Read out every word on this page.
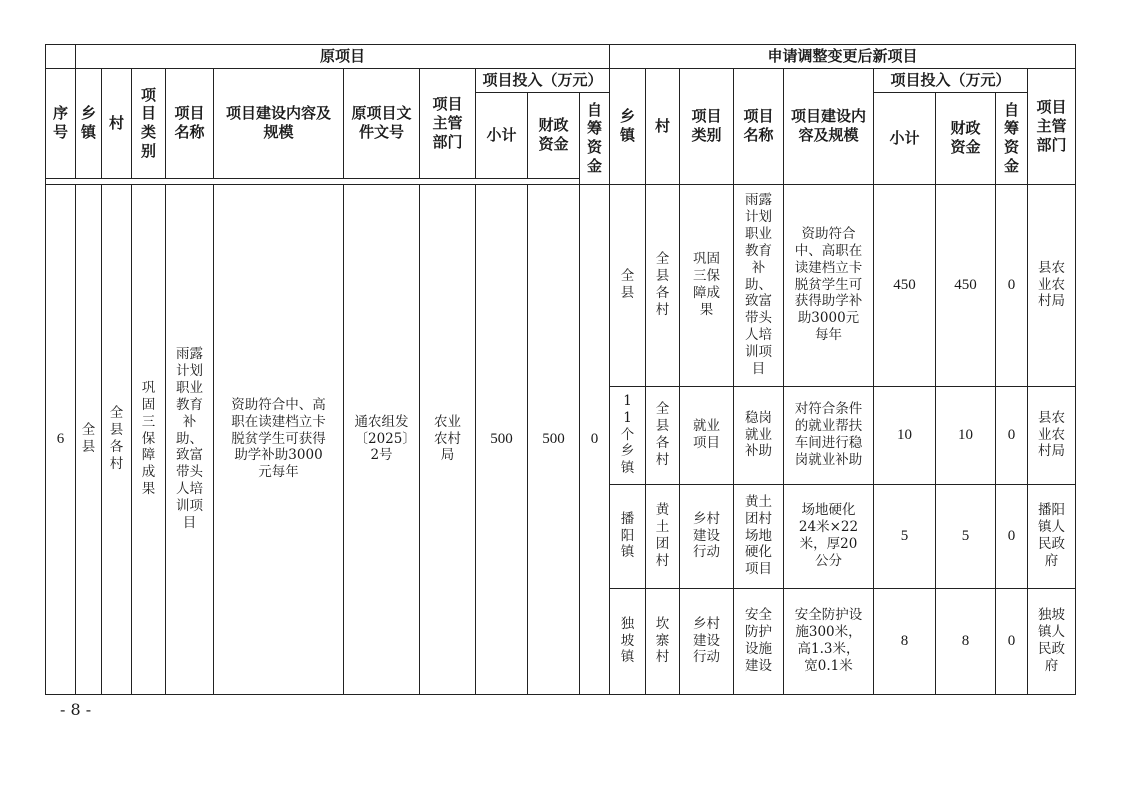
	原项目										申请调整变更后新项目								

序号	乡镇	村	项目类别	项目名称	项目建设内容及规模	原项目文件文号	项目主管部门	项目投入（万元）			乡镇	村	项目类别	项目名称	项目建设内容及规模	项目投入（万元）			项目主管部门

								小计	财政资金	自筹资金						小计	财政资金	自筹资金	

6	全县	全县各村	巩固三保障成果	雨露计划职业教育补助、致富带头人培训项目	资助符合中、高职在读建档立卡脱贫学生可获得助学补助3000元每年	通农组发〔2025〕2号	农业农村局	500	500	0	全县	全县各村	巩固三保障成果	雨露计划职业教育补助、致富带头人培训项目	资助符合中、高职在读建档立卡脱贫学生可获得助学补助3000元每年	450	450	0	县农业农村局

											11个乡镇	全县各村	就业项目	稳岗就业补助	对符合条件的就业帮扶车间进行稳岗就业补助	10	10	0	县农业农村局

											播阳镇	黄土团村	乡村建设行动	黄土团村场地硬化项目	场地硬化24米×22米，厚20公分	5	5	0	播阳镇人民政府

											独坡镇	坎寨村	乡村建设行动	安全防护设施建设	安全防护设施300米，高1.3米，宽0.1米	8	8	0	独坡镇人民政府
- 8 -
